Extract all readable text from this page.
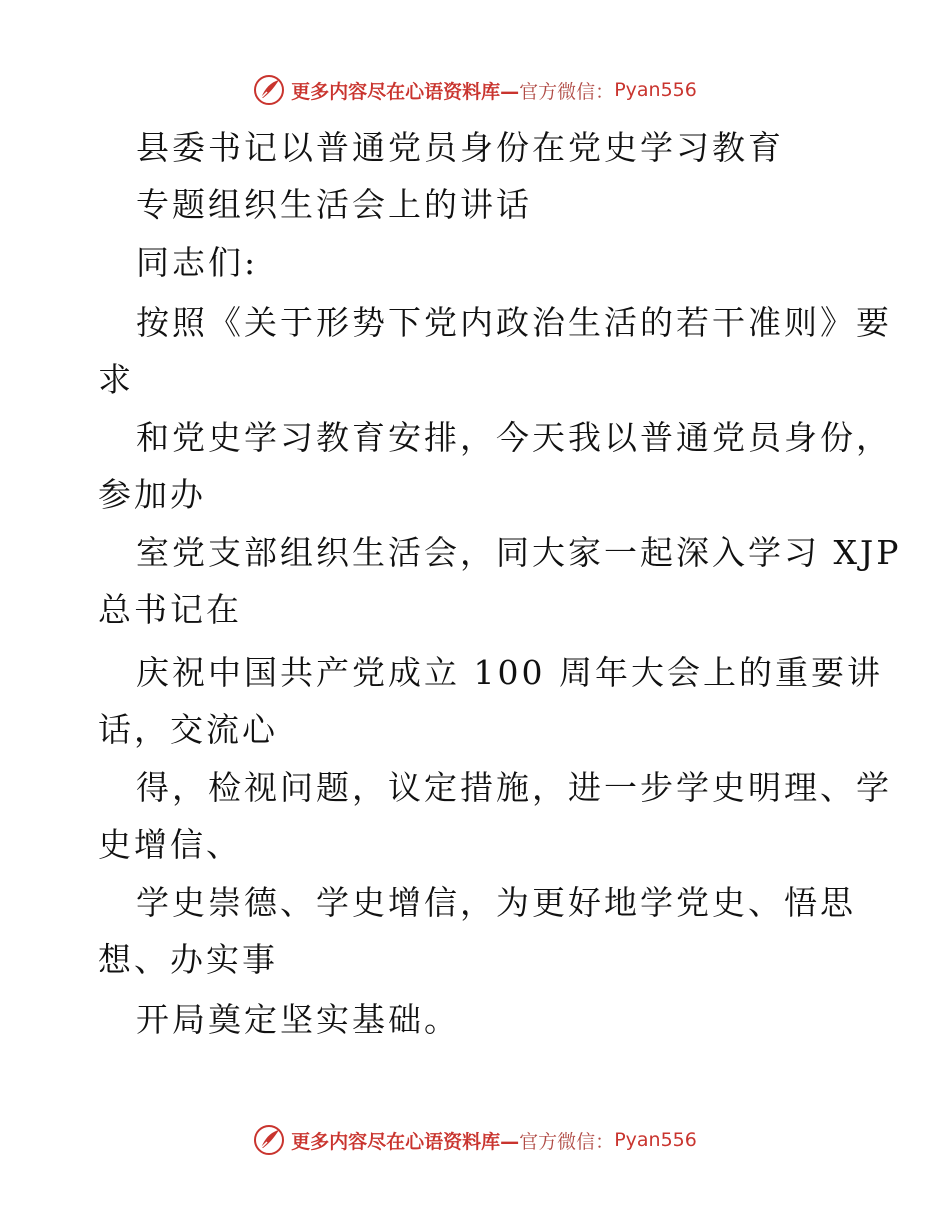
更多内容尽在心语资料库— 官方微信： Pyan556
县委书记以普通党员身份在党史学习教育
专题组织生活会上的讲话
同志们:
按照《关于形势下党内政治生活的若干准则》要
求
和党史学习教育安排，今天我以普通党员身份，
参加办
室党支部组织生活会，同大家一起深入学习 XJP
总书记在
庆祝中国共产党成立 100 周年大会上的重要讲
话，交流心
得，检视问题，议定措施，进一步学史明理、学
史增信、
学史崇德、学史增信，为更好地学党史、悟思
想、办实事
开局奠定坚实基础。
更多内容尽在心语资料库— 官方微信： Pyan556
